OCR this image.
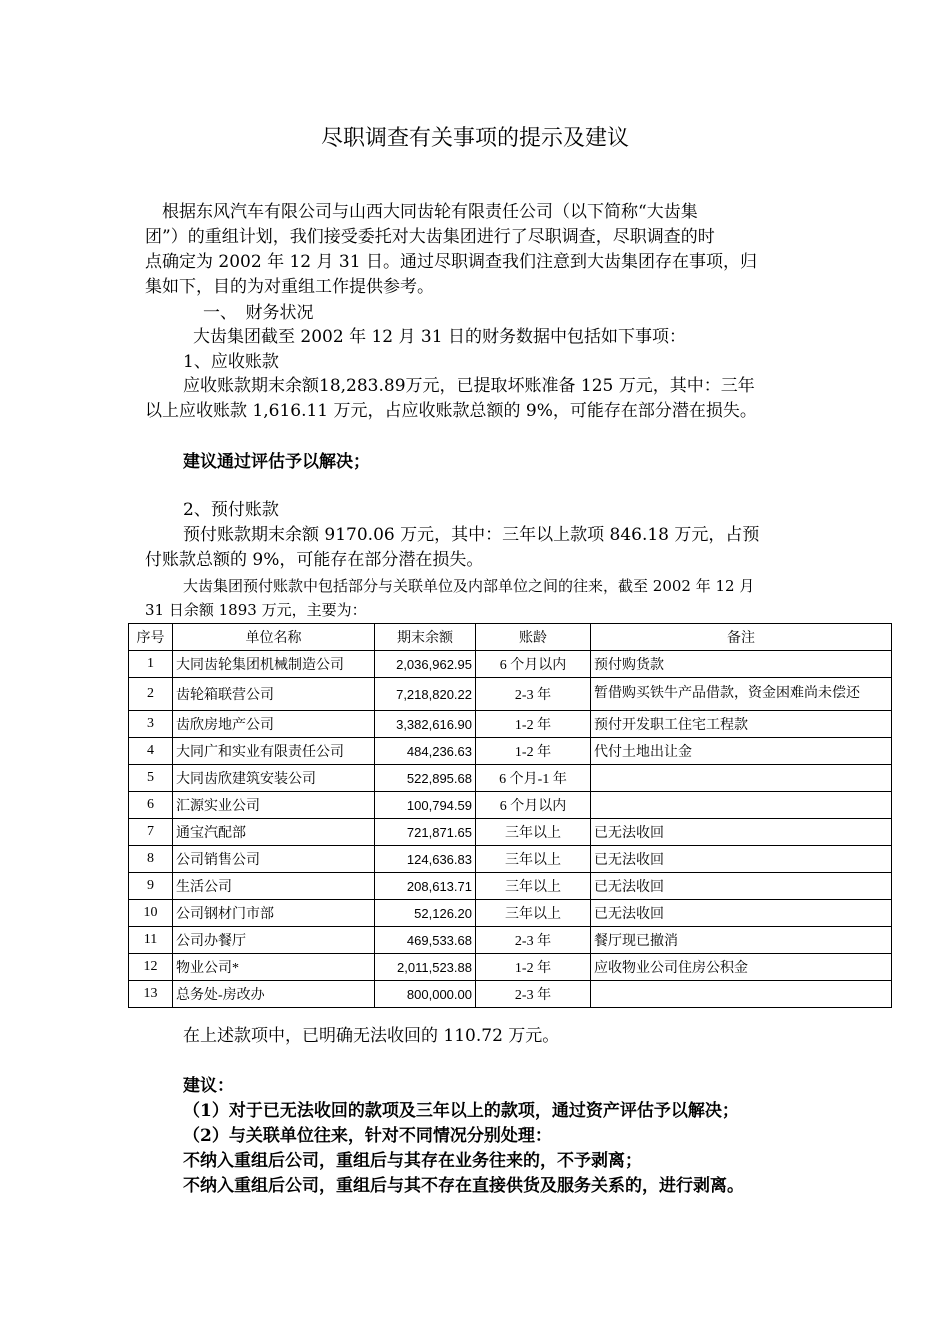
尽职调查有关事项的提示及建议
　根据东风汽车有限公司与山西大同齿轮有限责任公司（以下简称“大齿集
团”）的重组计划，我们接受委托对大齿集团进行了尽职调查，尽职调查的时
点确定为 2002 年 12 月 31 日。通过尽职调查我们注意到大齿集团存在事项，归
集如下，目的为对重组工作提供参考。
一、　财务状况
大齿集团截至 2002 年 12 月 31 日的财务数据中包括如下事项：
1、应收账款
应收账款期末余额18,283.89万元，已提取坏账准备 125 万元，其中：三年
以上应收账款 1,616.11 万元，占应收账款总额的 9%，可能存在部分潜在损失。
建议通过评估予以解决；
2、预付账款
预付账款期末余额 9170.06 万元，其中：三年以上款项 846.18 万元，占预
付账款总额的 9%，可能存在部分潜在损失。
大齿集团预付账款中包括部分与关联单位及内部单位之间的往来，截至 2002 年 12 月
31 日余额 1893 万元，主要为：
序号	单位名称	期末余额	账龄	备注
1	大同齿轮集团机械制造公司	2,036,962.95	6 个月以内	预付购货款
2	齿轮箱联营公司	7,218,820.22	2-3 年	暂借购买铁牛产品借款，资金困难尚未偿还
3	齿欣房地产公司	3,382,616.90	1-2 年	预付开发职工住宅工程款
4	大同广和实业有限责任公司	484,236.63	1-2 年	代付土地出让金
5	大同齿欣建筑安装公司	522,895.68	6 个月-1 年	
6	汇源实业公司	100,794.59	6 个月以内	
7	通宝汽配部	721,871.65	三年以上	已无法收回
8	公司销售公司	124,636.83	三年以上	已无法收回
9	生活公司	208,613.71	三年以上	已无法收回
10	公司钢材门市部	52,126.20	三年以上	已无法收回
11	公司办餐厅	469,533.68	2-3 年	餐厅现已撤消
12	物业公司*	2,011,523.88	1-2 年	应收物业公司住房公积金
13	总务处-房改办	800,000.00	2-3 年	
在上述款项中，已明确无法收回的 110.72 万元。
建议：
（1）对于已无法收回的款项及三年以上的款项，通过资产评估予以解决；
（2）与关联单位往来，针对不同情况分别处理：
不纳入重组后公司，重组后与其存在业务往来的，不予剥离；
不纳入重组后公司，重组后与其不存在直接供货及服务关系的，进行剥离。
